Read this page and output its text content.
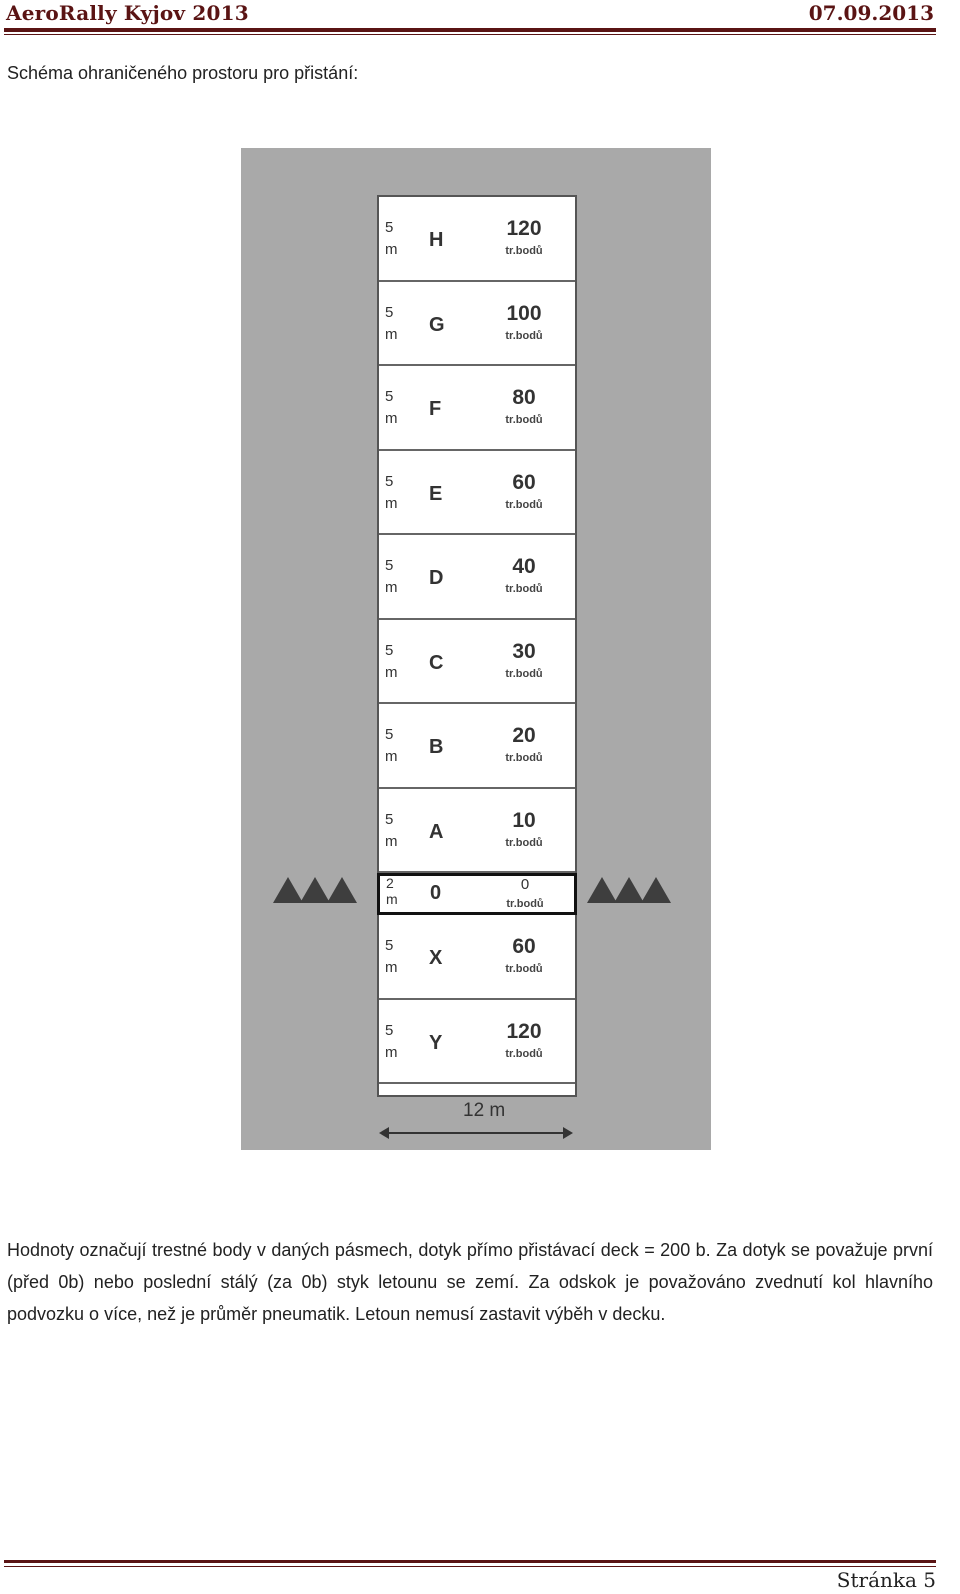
AeroRally Kyjov 2013	07.09.2013
Schéma ohraničeného prostoru pro přistání:
5 m	H	120
tr.bodů
5 m	G	100
tr.bodů
5 m	F	80
tr.bodů
5 m	E	60
tr.bodů
5 m	D	40
tr.bodů
5 m	C	30
tr.bodů
5 m	B	20
tr.bodů
5 m	A	10
tr.bodů
2 m	0	0
tr.bodů
5 m	X	60
tr.bodů
5 m	Y	120
tr.bodů
12 m
Hodnoty označují trestné body v daných pásmech, dotyk přímo přistávací deck = 200 b. Za dotyk se považuje první (před 0b) nebo poslední stálý (za 0b) styk letounu se zemí. Za odskok je považováno zvednutí kol hlavního podvozku o více, než je průměr pneumatik. Letoun nemusí zastavit výběh v decku.
Stránka 5
